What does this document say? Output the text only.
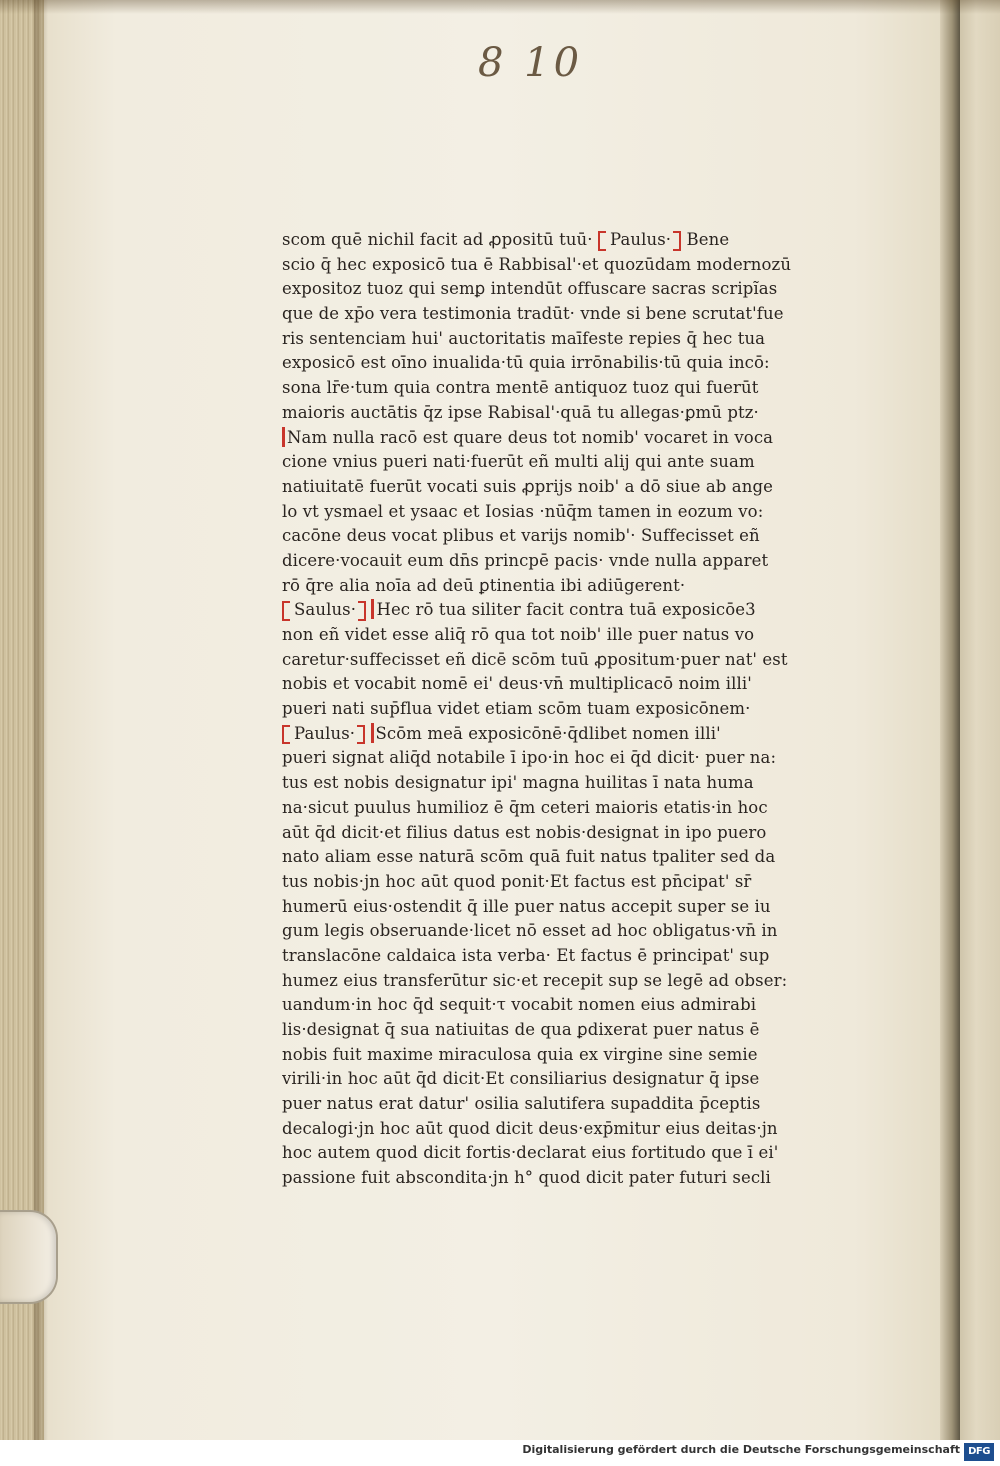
8 10
scom quē nichil facit ad ꝓpositū tuū· Paulus· Bene
scio q̄ hec exposicō tua ē Rabbisal'·et quozūdam modernozū
expositoz tuoz qui semꝑ intendūt offuscare sacras scripĩas
que de xp̄o vera testimonia tradūt· vnde si bene scrutat'fue
ris sentenciam hui' auctoritatis maīfeste repies q̄ hec tua
exposicō est oīno inualida·tū quia irrōnabilis·tū quia incō:
sona lr̄e·tum quia contra mentē antiquoz tuoz qui fuerūt
maioris auctātis q̄z ipse Rabisal'·quā tu allegas·ꝑmū ptz·
Nam nulla racō est quare deus tot nomib' vocaret in voca
cione vnius pueri nati·fuerūt eñ multi alij qui ante suam
natiuitatē fuerūt vocati suis ꝓprijs noib' a dō siue ab ange
lo vt ysmael et ysaac et Iosias ·nūq̄m tamen in eozum vo:
cacōne deus vocat plibus et varijs nomib'· Suffecisset eñ
dicere·vocauit eum dn̄s princpē pacis· vnde nulla apparet
rō q̄re alia noīa ad deū ꝑtinentia ibi adiūgerent·
Saulus· Hec rō tua siliter facit contra tuā exposicōe3
non eñ videt esse aliq̄ rō qua tot noib' ille puer natus vo
caretur·suffecisset eñ dicē scōm tuū ꝓpositum·puer nat' est
nobis et vocabit nomē ei' deus·vn̄ multiplicacō noim illi'
pueri nati sup̄flua videt etiam scōm tuam exposicōnem·
Paulus· Scōm meā exposicōnē·q̄dlibet nomen illi'
pueri signat aliq̄d notabile ī ipo·in hoc ei q̄d dicit· puer na:
tus est nobis designatur ipi' magna huilitas ī nata huma
na·sicut puulus humilioz ē q̄m ceteri maioris etatis·in hoc
aūt q̄d dicit·et filius datus est nobis·designat in ipo puero
nato aliam esse naturā scōm quā fuit natus tpaliter sed da
tus nobis·jn hoc aūt quod ponit·Et factus est pn̄cipat' sr̄
humerū eius·ostendit q̄ ille puer natus accepit super se iu
gum legis obseruande·licet nō esset ad hoc obligatus·vn̄ in
translacōne caldaica ista verba· Et factus ē principat' sup
humez eius transferūtur sic·et recepit sup se legē ad obser:
uandum·in hoc q̄d sequit·τ vocabit nomen eius admirabi
lis·designat q̄ sua natiuitas de qua ꝑdixerat puer natus ē
nobis fuit maxime miraculosa quia ex virgine sine semie
virili·in hoc aūt q̄d dicit·Et consiliarius designatur q̄ ipse
puer natus erat datur' osilia salutifera supaddita p̄ceptis
decalogi·jn hoc aūt quod dicit deus·exp̄mitur eius deitas·jn
hoc autem quod dicit fortis·declarat eius fortitudo que ī ei'
passione fuit abscondita·jn h° quod dicit pater futuri secli
Digitalisierung gefördert durch die Deutsche Forschungsgemeinschaft DFG
